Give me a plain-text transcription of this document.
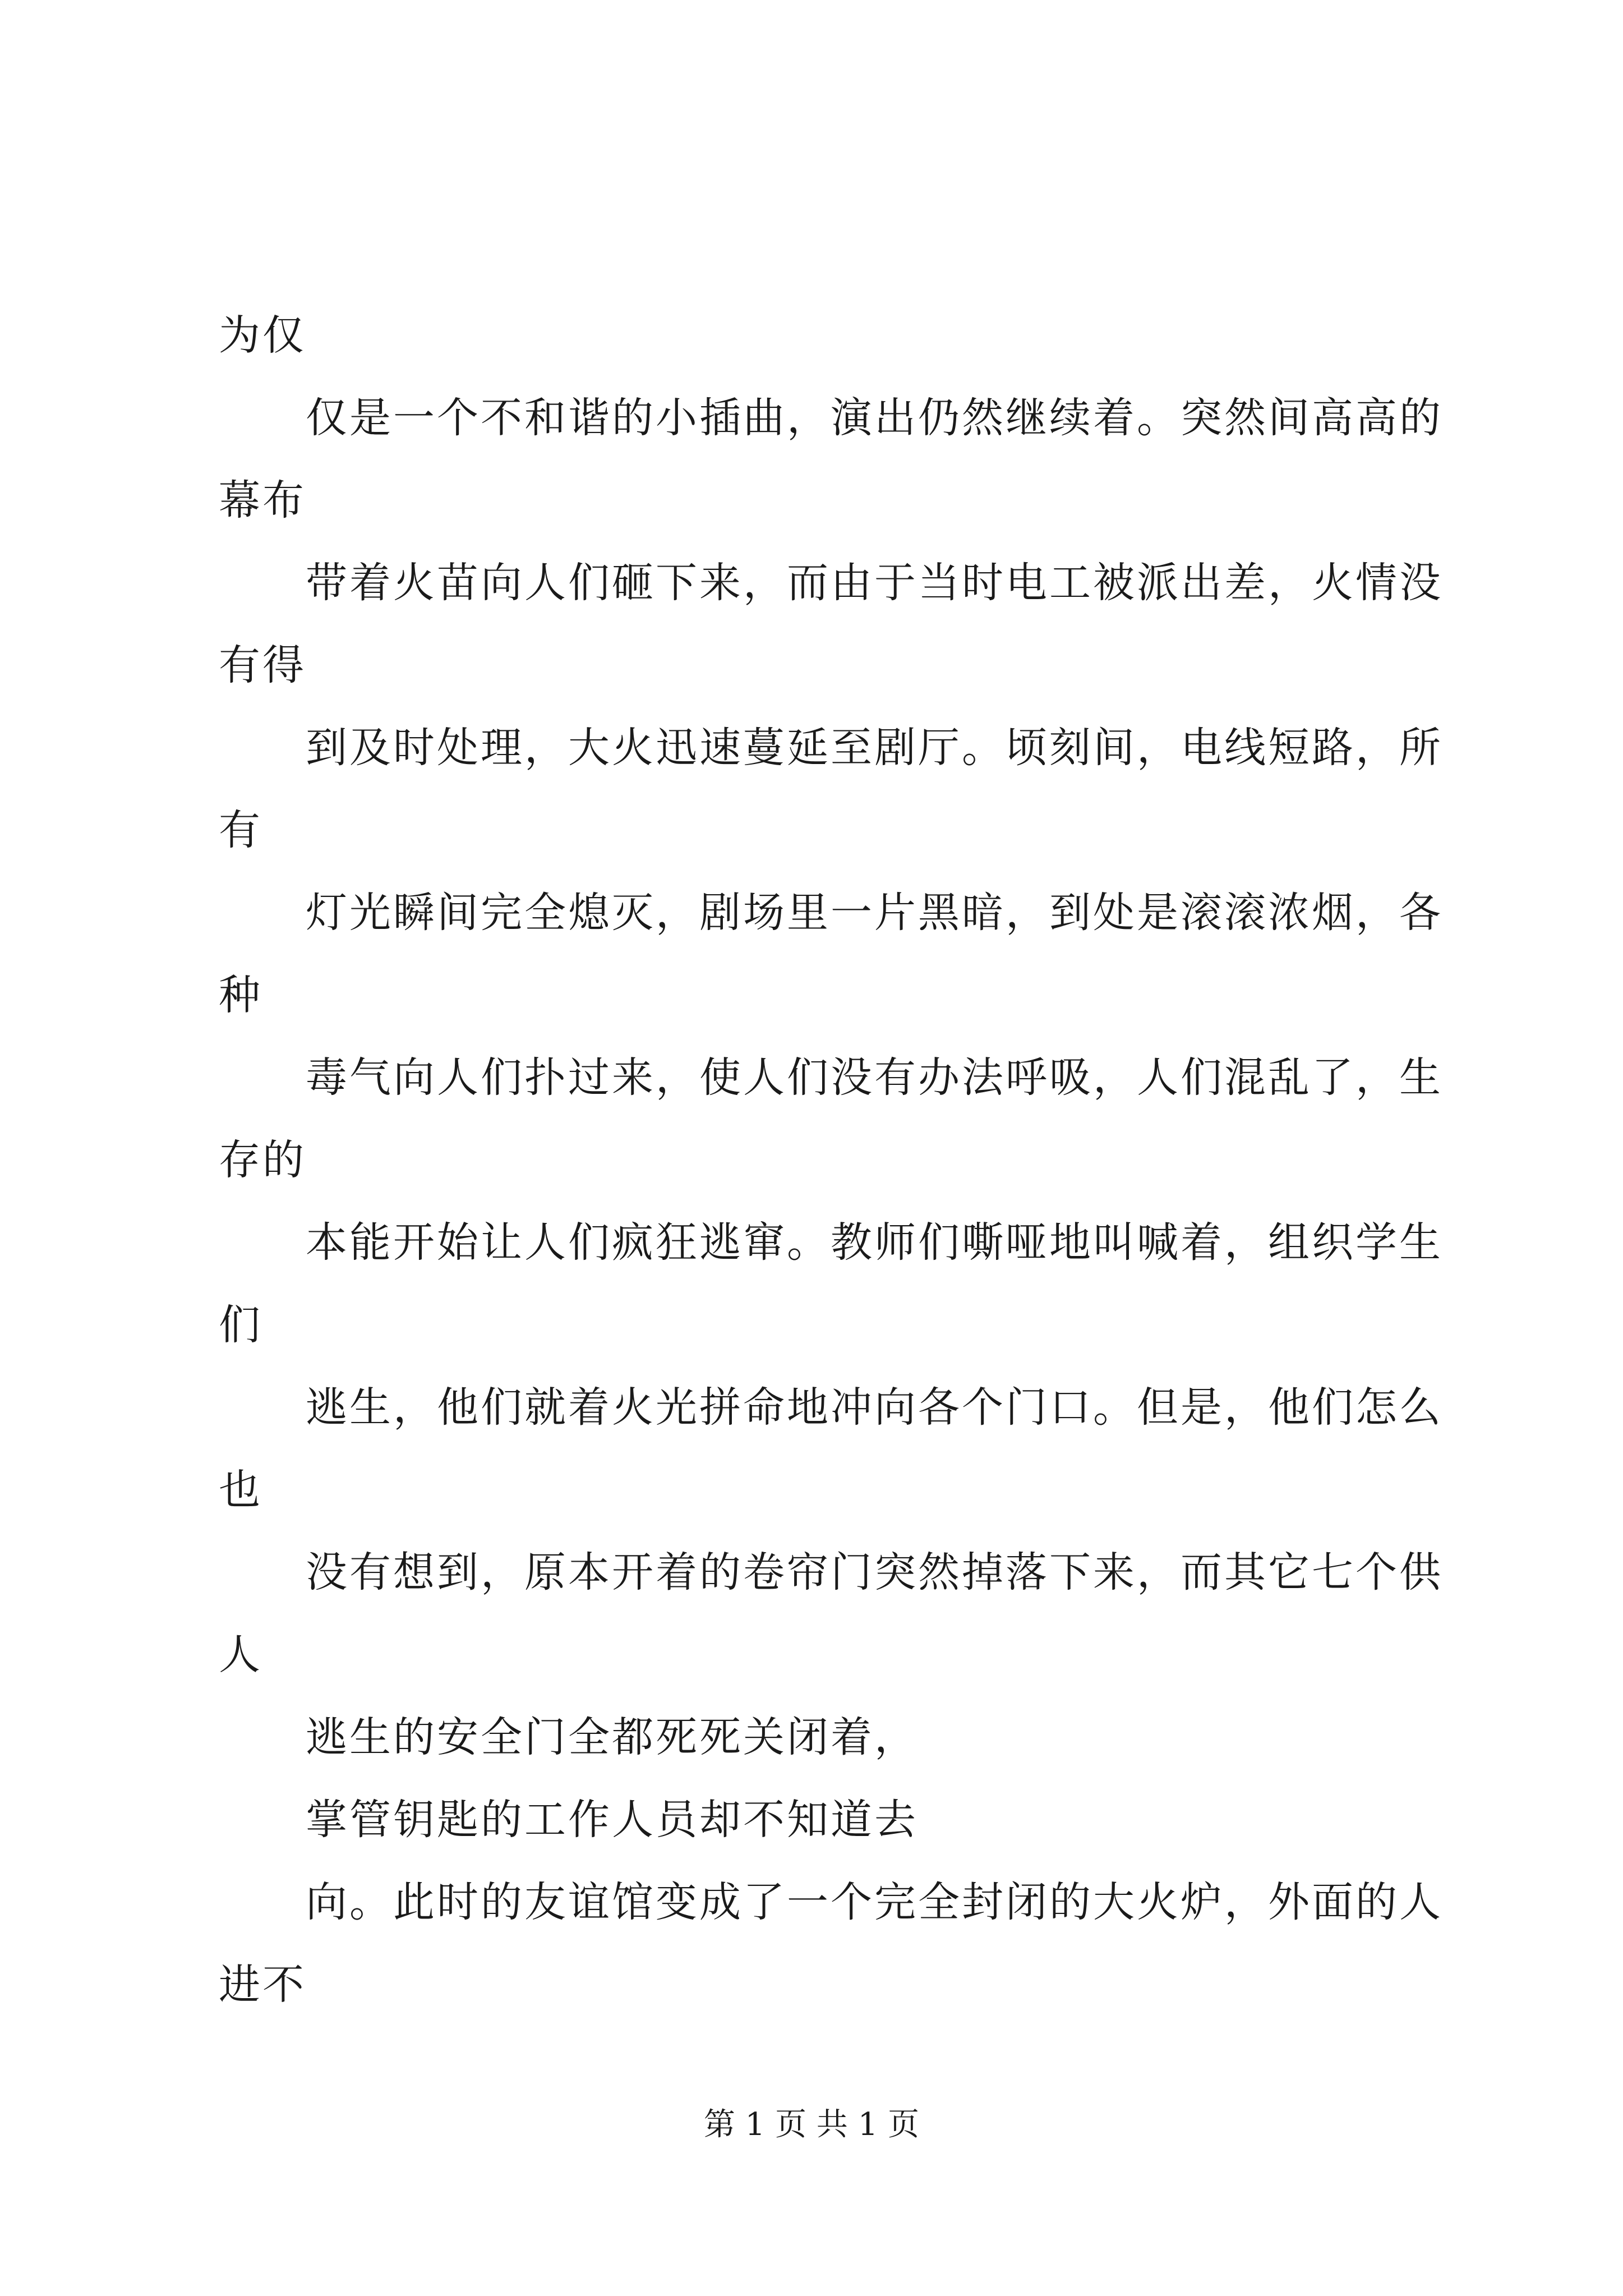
为仅
仅是一个不和谐的小插曲，演出仍然继续着。突然间高高的
幕布
带着火苗向人们砸下来，而由于当时电工被派出差，火情没
有得
到及时处理，大火迅速蔓延至剧厅。顷刻间，电线短路，所
有
灯光瞬间完全熄灭，剧场里一片黑暗，到处是滚滚浓烟，各
种
毒气向人们扑过来，使人们没有办法呼吸，人们混乱了，生
存的
本能开始让人们疯狂逃窜。教师们嘶哑地叫喊着，组织学生
们
逃生，他们就着火光拼命地冲向各个门口。但是，他们怎么
也
没有想到，原本开着的卷帘门突然掉落下来，而其它七个供
人
逃生的安全门全都死死关闭着，
掌管钥匙的工作人员却不知道去
向。此时的友谊馆变成了一个完全封闭的大火炉，外面的人
进不
第 1 页 共 1 页
